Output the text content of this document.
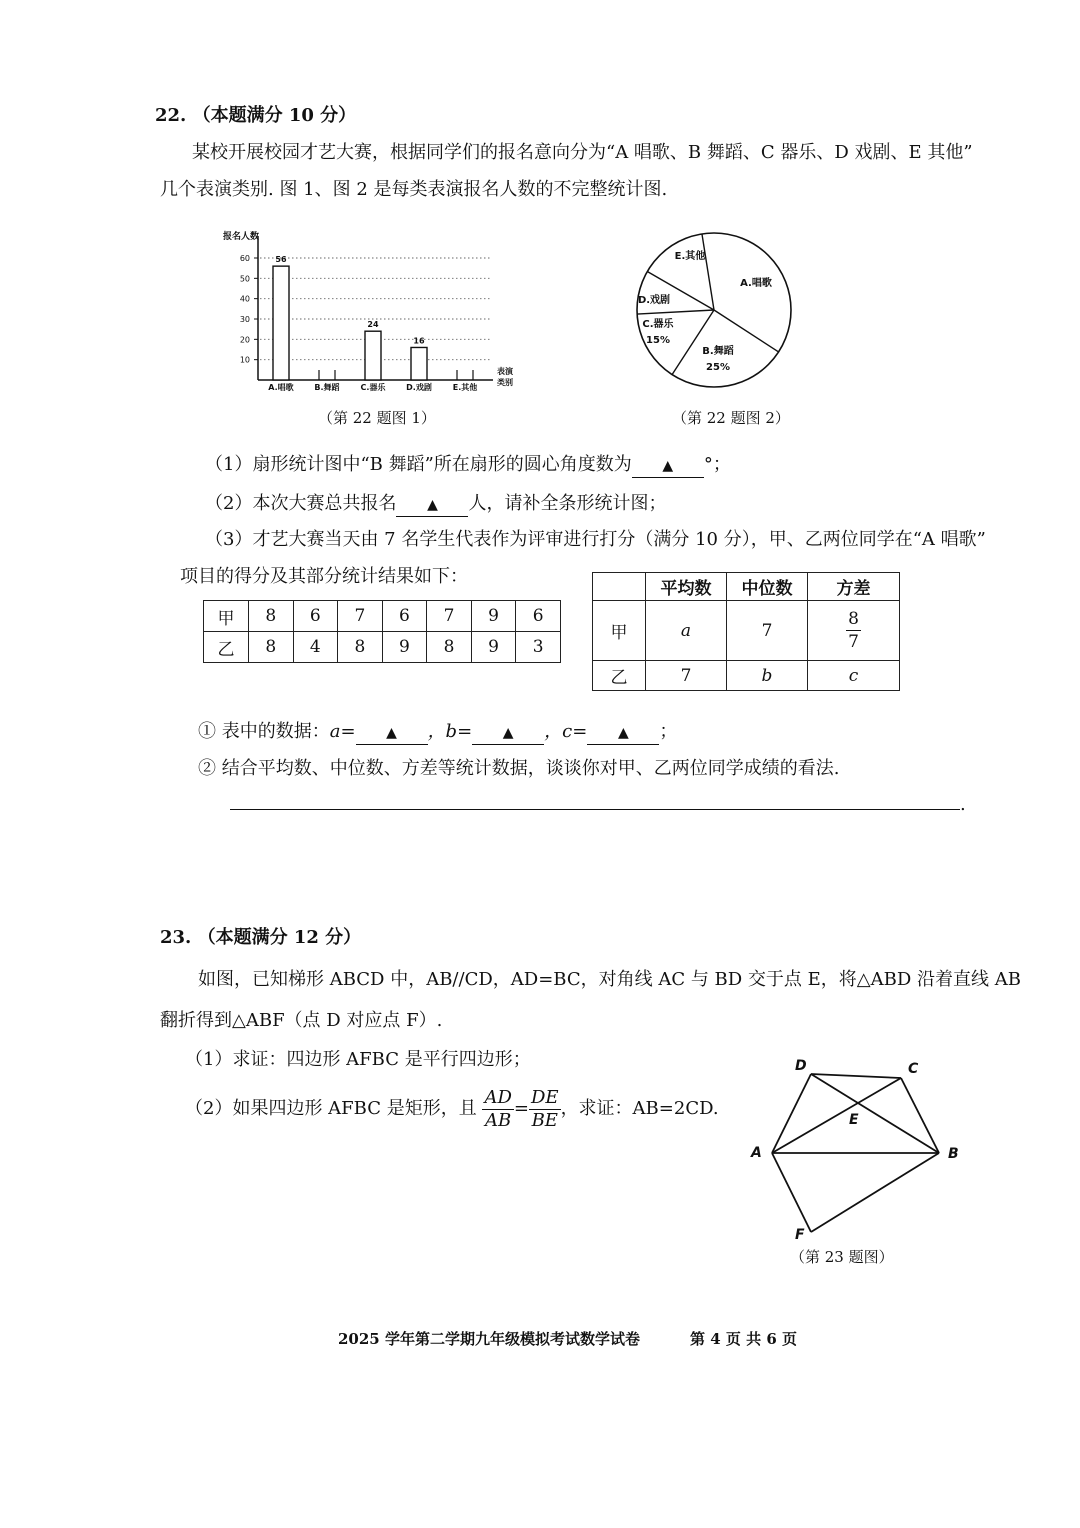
22. （本题满分 10 分）
某校开展校园才艺大赛，根据同学们的报名意向分为“A 唱歌、B 舞蹈、C 器乐、D 戏剧、E 其他”
几个表演类别. 图 1、图 2 是每类表演报名人数的不完整统计图.
10
20
30
40
50
60
报名人数
表演
类别
56
A.唱歌	B.舞蹈
24
C.器乐
16
D.戏剧	E.其他
（第 22 题图 1）
A.唱歌
B.舞蹈
25%
C.器乐
15%
D.戏剧
E.其他
（第 22 题图 2）
（1）扇形统计图中“B 舞蹈”所在扇形的圆心角度数为 ▲ °；
（2）本次大赛总共报名 ▲ 人，请补全条形统计图；
（3）才艺大赛当天由 7 名学生代表作为评审进行打分（满分 10 分），甲、乙两位同学在“A 唱歌”
项目的得分及其部分统计结果如下：
甲	8	6	7	6	7	9	6
乙	8	4	8	9	8	9	3
	平均数	中位数	方差
甲	a	7	$\frac{8}{7}$

乙	7	b	c
① 表中的数据：a= ▲ ，b= ▲ ，c= ▲ ；
② 结合平均数、中位数、方差等统计数据，谈谈你对甲、乙两位同学成绩的看法.
.
23. （本题满分 12 分）
如图，已知梯形 ABCD 中，AB//CD，AD=BC，对角线 AC 与 BD 交于点 E，将△ABD 沿着直线 AB
翻折得到△ABF（点 D 对应点 F）.
（1）求证：四边形 AFBC 是平行四边形；
（2）如果四边形 AFBC 是矩形，且 $\frac{AD}{AB} = \frac{DE}{BE}$ ，求证：AB=2CD.
D	C
E
A	B
F
（第 23 题图）
2025 学年第二学期九年级模拟考试数学试卷	第 4 页 共 6 页
